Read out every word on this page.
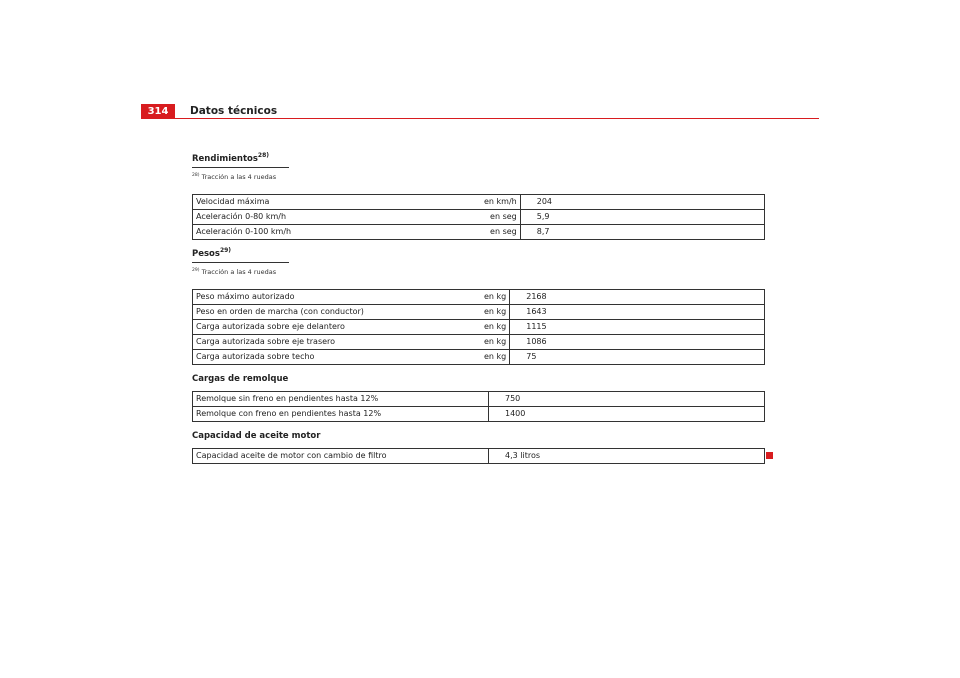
314	Datos técnicos
Rendimientos$^{28)}$
$^{28)}$ Tracción a las 4 ruedas
Velocidad máxima	en km/h	204
Aceleración 0-80 km/h	en seg	5,9
Aceleración 0-100 km/h	en seg	8,7
Pesos$^{29)}$
$^{29)}$ Tracción a las 4 ruedas
Peso máximo autorizado	en kg	2168
Peso en orden de marcha (con conductor)	en kg	1643
Carga autorizada sobre eje delantero	en kg	1115
Carga autorizada sobre eje trasero	en kg	1086
Carga autorizada sobre techo	en kg	75
Cargas de remolque
Remolque sin freno en pendientes hasta 12%		750
Remolque con freno en pendientes hasta 12%		1400
Capacidad de aceite motor
Capacidad aceite de motor con cambio de filtro		4,3 litros
